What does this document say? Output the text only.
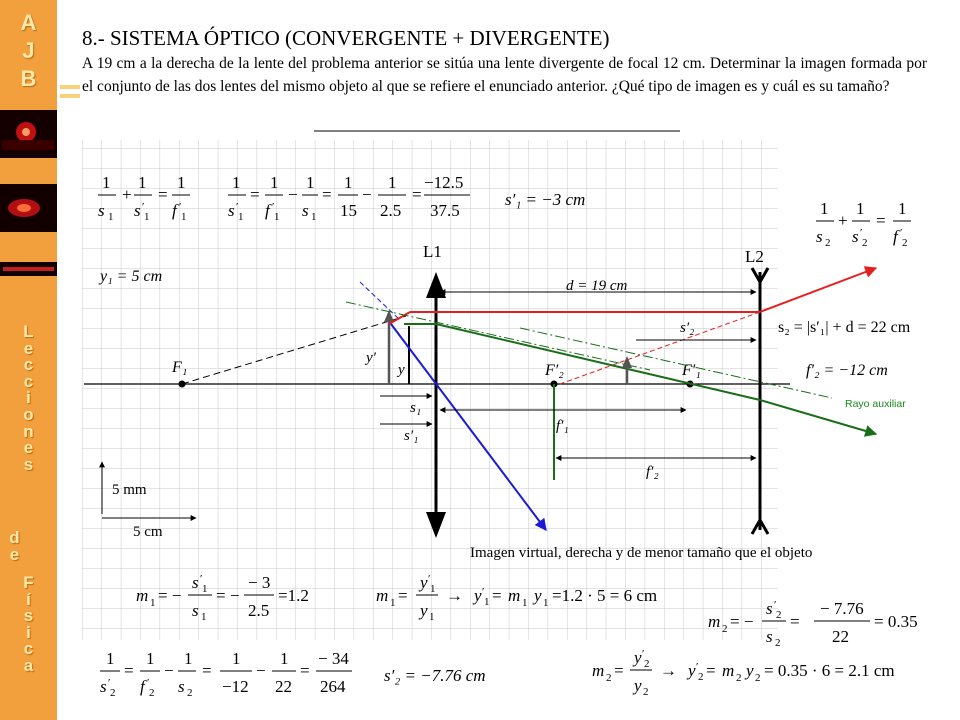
A
J
B
L
e
c
c
i
o
n
e
s
d
e
F
í
s
i
c
a
8.- SISTEMA ÓPTICO (CONVERGENTE + DIVERGENTE)
A 19 cm a la derecha de la lente del problema anterior se sitúa una lente divergente de focal 12 cm. Determinar la imagen formada por el conjunto de las dos lentes del mismo objeto al que se refiere el enunciado anterior. ¿Qué tipo de imagen es y cuál es su tamaño?
L1	L2
F₁	F′₂	F′₁
y′
y
d = 19 cm
s′₂
s₁
s′₁
f′₁
f′₂
5 mm
5 cm
y₁ = 5 cm
s₂ = |s′₁| + d = 22 cm
f′₂ = −12 cm
Rayo auxiliar
Imagen virtual, derecha y de menor tamaño que el objeto
1
s 1
+
1
s ′
1
=
1
f ′
1
1
s ′
1
=
1
f ′
1
−
1
s 1
=
1
15
−
1
2.5
=
−12.5
37.5
s′₁ = −3 cm	1
s 2
+
1
s ′
2
=
1
f ′
2
m 1 = −
s ′
1
s 1
= −
− 3
2.5
=1.2	m 1 =
y ′
1
y 1
→ y ′
1 = m 1 y 1 =1.2 · 5 = 6 cm
m 2 = −
s ′
2
s 2
=
− 7.76
22
= 0.35
1
s ′
2
=
1
f ′
2
−
1
s 2
=
1
−12
−
1
22
=
− 34
264
s′₂ = −7.76 cm	m 2 =
y ′
2
y 2
→ y ′
2 = m 2 y 2 = 0.35 · 6 = 2.1 cm
